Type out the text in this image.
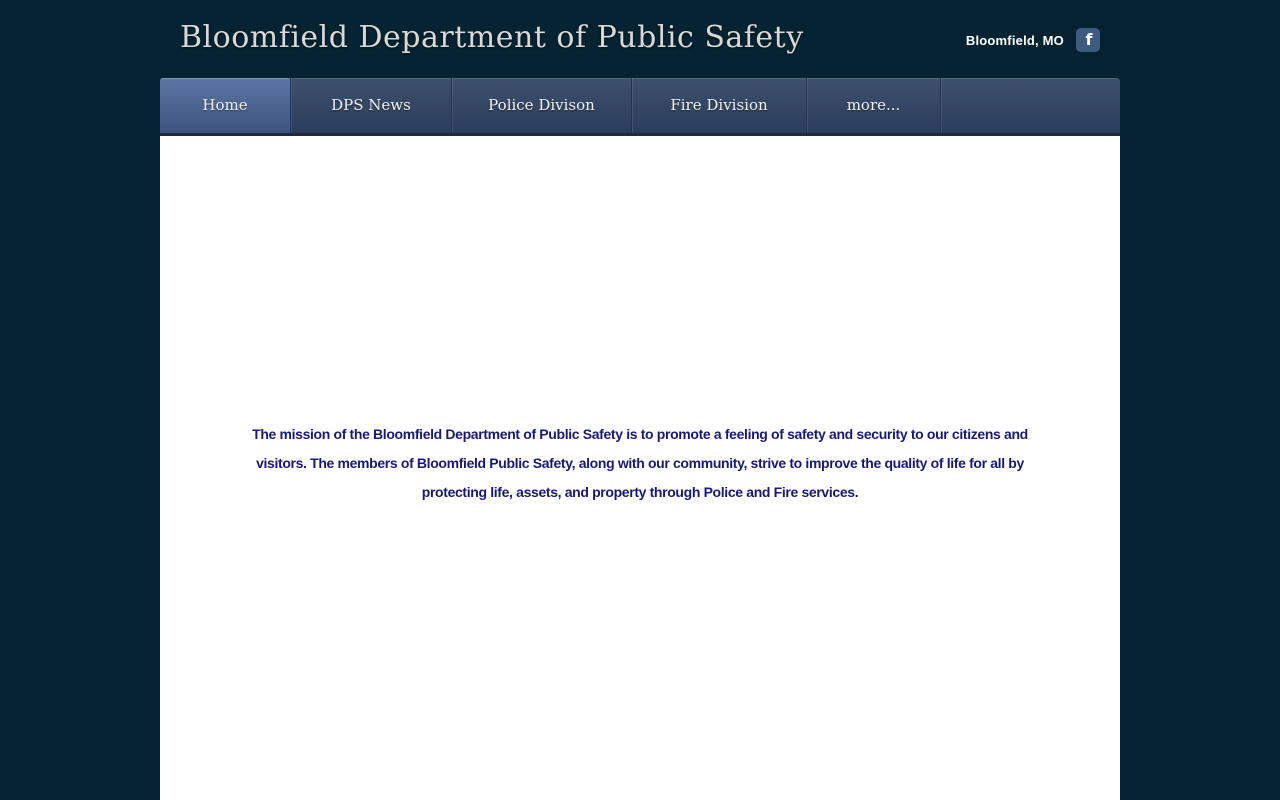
Bloomfield Department of Public Safety	Bloomfield, MO f
Home	DPS News	Police Divison	Fire Division	more...
The mission of the Bloomfield Department of Public Safety is to promote a feeling of safety and security to our citizens and
visitors. The members of Bloomfield Public Safety, along with our community, strive to improve the quality of life for all by
protecting life, assets, and property through Police and Fire services.
